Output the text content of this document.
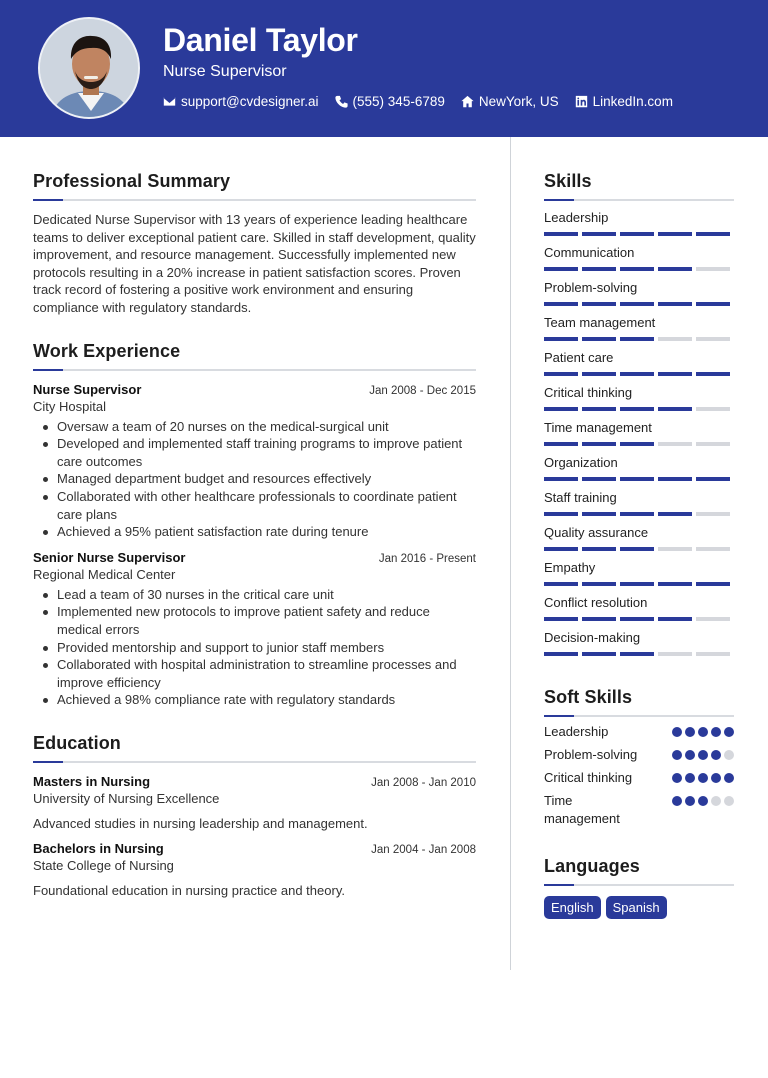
Daniel Taylor
Nurse Supervisor
support@cvdesigner.ai	(555) 345-6789	NewYork, US	LinkedIn.com
Professional Summary

Dedicated Nurse Supervisor with 13 years of experience leading healthcare teams to deliver exceptional patient care. Skilled in staff development, quality improvement, and resource management. Successfully implemented new protocols resulting in a 20% increase in patient satisfaction scores. Proven track record of fostering a positive work environment and ensuring compliance with regulatory standards.

Work Experience
Nurse Supervisor	Jan 2008 - Dec 2015
City Hospital
Oversaw a team of 20 nurses on the medical-surgical unit
Developed and implemented staff training programs to improve patient care outcomes
Managed department budget and resources effectively
Collaborated with other healthcare professionals to coordinate patient care plans
Achieved a 95% patient satisfaction rate during tenure
Senior Nurse Supervisor	Jan 2016 - Present
Regional Medical Center
Lead a team of 30 nurses in the critical care unit
Implemented new protocols to improve patient safety and reduce medical errors
Provided mentorship and support to junior staff members
Collaborated with hospital administration to streamline processes and improve efficiency
Achieved a 98% compliance rate with regulatory standards
Education
Masters in Nursing	Jan 2008 - Jan 2010
University of Nursing Excellence
Advanced studies in nursing leadership and management.
Bachelors in Nursing	Jan 2004 - Jan 2008
State College of Nursing
Foundational education in nursing practice and theory.
Skills
Leadership
Communication
Problem-solving
Team management
Patient care
Critical thinking
Time management
Organization
Staff training
Quality assurance
Empathy
Conflict resolution
Decision-making
Soft Skills
Leadership
Problem-solving
Critical thinking
Time management
Languages
English	Spanish
